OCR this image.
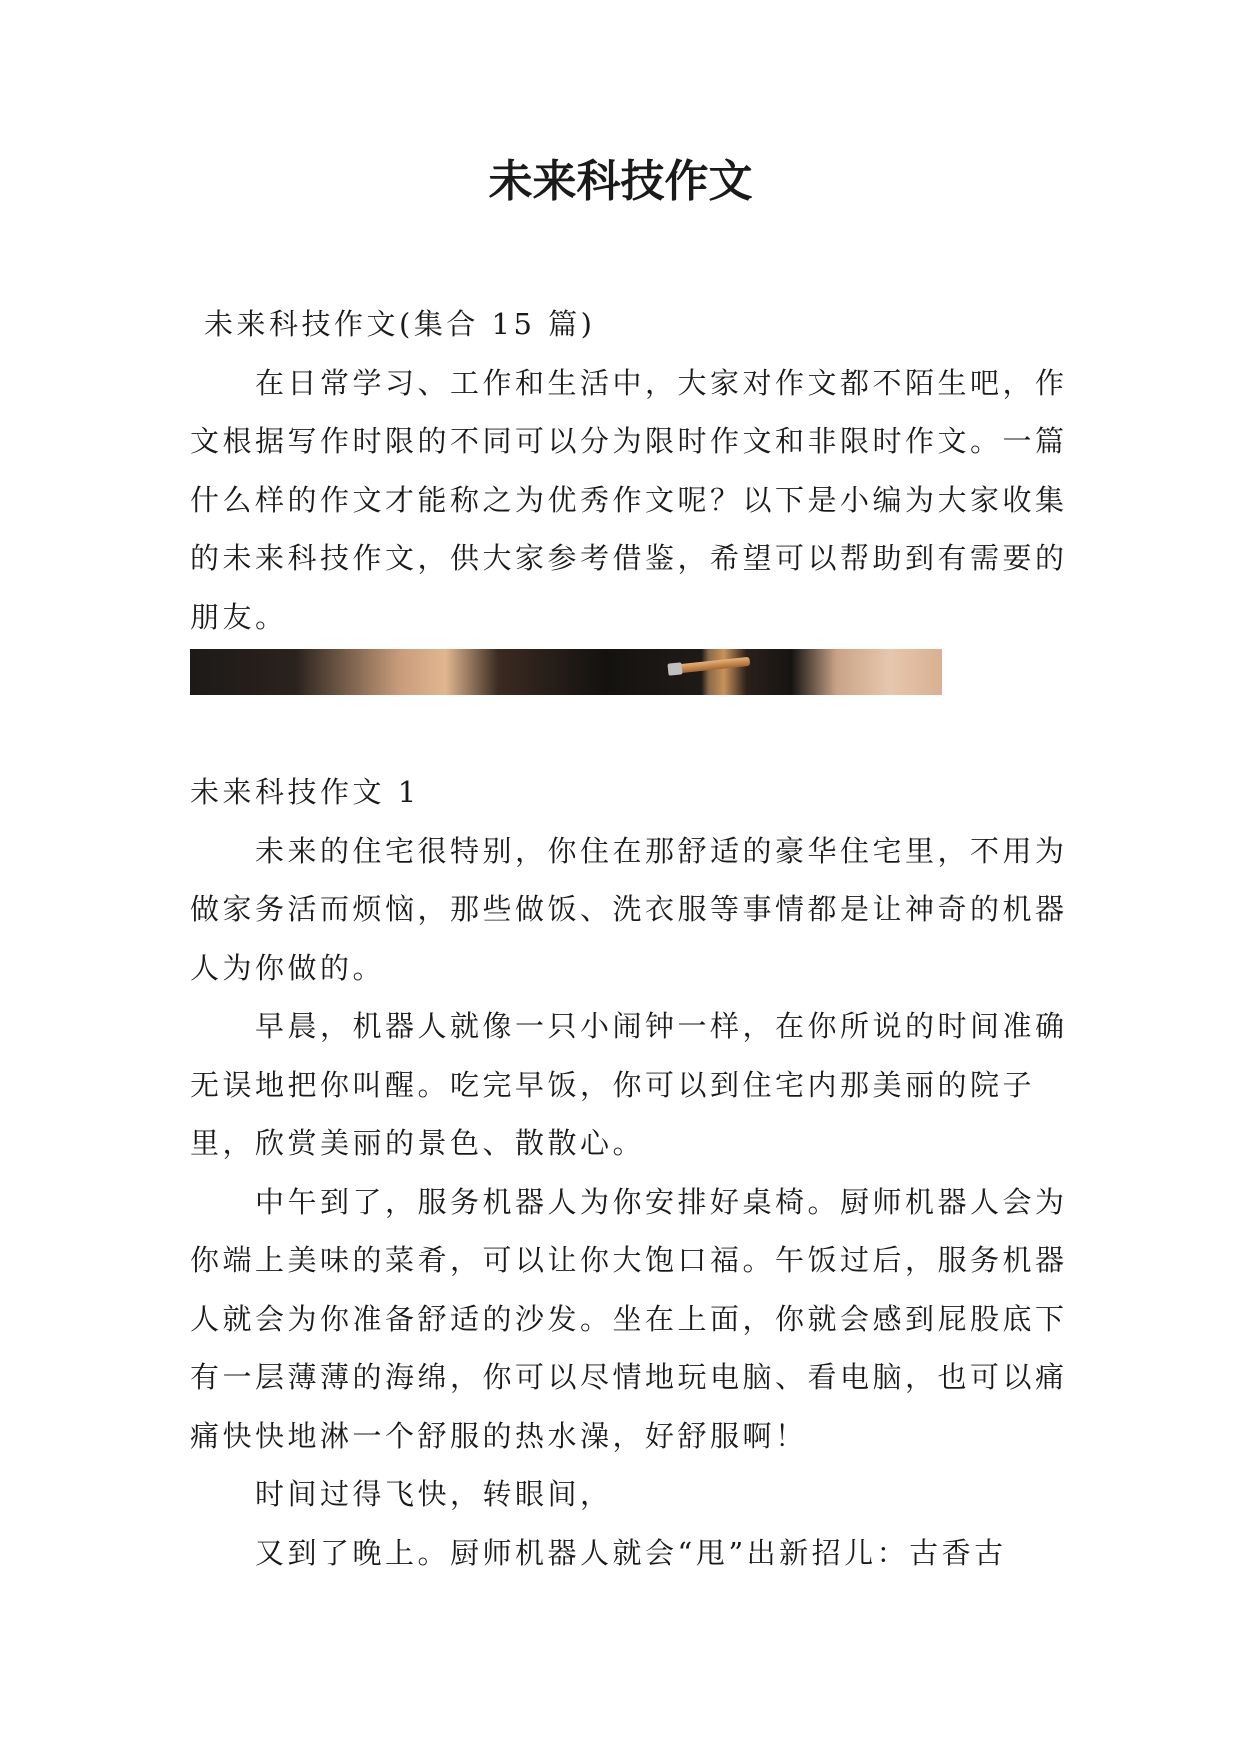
未来科技作文

未来科技作文(集合 15 篇)

在日常学习、工作和生活中，大家对作文都不陌生吧，作文根据写作时限的不同可以分为限时作文和非限时作文。一篇什么样的作文才能称之为优秀作文呢？以下是小编为大家收集的未来科技作文，供大家参考借鉴，希望可以帮助到有需要的朋友。

未来科技作文 1

未来的住宅很特别，你住在那舒适的豪华住宅里，不用为做家务活而烦恼，那些做饭、洗衣服等事情都是让神奇的机器人为你做的。

早晨，机器人就像一只小闹钟一样，在你所说的时间准确无误地把你叫醒。吃完早饭，你可以到住宅内那美丽的院子里，欣赏美丽的景色、散散心。

中午到了，服务机器人为你安排好桌椅。厨师机器人会为你端上美味的菜肴，可以让你大饱口福。午饭过后，服务机器人就会为你准备舒适的沙发。坐在上面，你就会感到屁股底下有一层薄薄的海绵，你可以尽情地玩电脑、看电脑，也可以痛痛快快地淋一个舒服的热水澡，好舒服啊！

时间过得飞快，转眼间，

又到了晚上。厨师机器人就会“甩”出新招儿：古香古
